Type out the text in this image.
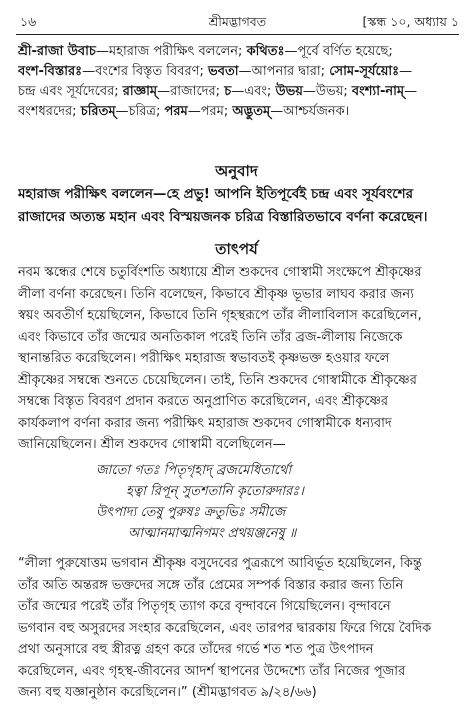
১৬	শ্রীমদ্ভাগবত	[স্কন্ধ ১০, অধ্যায় ১
শ্রী-রাজা উবাচ—মহারাজ পরীক্ষিৎ বললেন; কথিতঃ—পূর্বে বর্ণিত হয়েছে;
বংশ-বিস্তারঃ—বংশের বিস্তৃত বিবরণ; ভবতা—আপনার দ্বারা; সোম-সূর্যয়োঃ—
চন্দ্র এবং সূর্যদেবের; রাজ্ঞাম্—রাজাদের; চ—এবং; উভয়—উভয়; বংশ্যা-নাম্—
বংশধরদের; চরিতম্—চরিত্র; পরম—পরম; অদ্ভুতম্—আশ্চর্যজনক।
অনুবাদ
মহারাজ পরীক্ষিৎ বললেন—হে প্রভু! আপনি ইতিপূর্বেই চন্দ্র এবং সূর্যবংশের
রাজাদের অত্যন্ত মহান এবং বিস্ময়জনক চরিত্র বিস্তারিতভাবে বর্ণনা করেছেন।
তাৎপর্য
নবম স্কন্ধের শেষে চতুর্বিংশতি অধ্যায়ে শ্রীল শুকদেব গোস্বামী সংক্ষেপে শ্রীকৃষ্ণের
লীলা বর্ণনা করেছেন। তিনি বলেছেন, কিভাবে শ্রীকৃষ্ণ ভূভার লাঘব করার জন্য
স্বয়ং অবতীর্ণ হয়েছিলেন, কিভাবে তিনি গৃহস্থরূপে তাঁর লীলাবিলাস করেছিলেন,
এবং কিভাবে তাঁর জন্মের অনতিকাল পরেই তিনি তাঁর ব্রজ-লীলায় নিজেকে
স্থানান্তরিত করেছিলেন। পরীক্ষিৎ মহারাজ স্বভাবতই কৃষ্ণভক্ত হওয়ার ফলে
শ্রীকৃষ্ণের সম্বন্ধে শুনতে চেয়েছিলেন। তাই, তিনি শুকদেব গোস্বামীকে শ্রীকৃষ্ণের
সম্বন্ধে বিস্তৃত বিবরণ প্রদান করতে অনুপ্রাণিত করেছিলেন, এবং শ্রীকৃষ্ণের
কার্যকলাপ বর্ণনা করার জন্য পরীক্ষিৎ মহারাজ শুকদেব গোস্বামীকে ধন্যবাদ
জানিয়েছিলেন। শ্রীল শুকদেব গোস্বামী বলেছিলেন—
জাতো গতঃ পিতৃগৃহাদ্ ব্রজমেধিতার্থো
হত্বা রিপূন্ সুতশতানি কৃতোরুদারঃ।
উৎপাদ্য তেষু পুরুষঃ ক্রতুভিঃ সমীজে
আত্মানমাত্মনিগমং প্রথয়ঞ্জনেষু ॥
“লীলা পুরুষোত্তম ভগবান শ্রীকৃষ্ণ বসুদেবের পুত্ররূপে আবির্ভূত হয়েছিলেন, কিন্তু
তাঁর অতি অন্তরঙ্গ ভক্তদের সঙ্গে তাঁর প্রেমের সম্পর্ক বিস্তার করার জন্য তিনি
তাঁর জন্মের পরেই তাঁর পিতৃগৃহ ত্যাগ করে বৃন্দাবনে গিয়েছিলেন। বৃন্দাবনে
ভগবান বহু অসুরদের সংহার করেছিলেন, এবং তারপর দ্বারকায় ফিরে গিয়ে বৈদিক
প্রথা অনুসারে বহু স্ত্রীরত্ন গ্রহণ করে তাঁদের গর্ভে শত শত পুত্র উৎপাদন
করেছিলেন, এবং গৃহস্থ-জীবনের আদর্শ স্থাপনের উদ্দেশ্যে তাঁর নিজের পূজার
জন্য বহু যজ্ঞানুষ্ঠান করেছিলেন।” (শ্রীমদ্ভাগবত ৯/২৪/৬৬)
